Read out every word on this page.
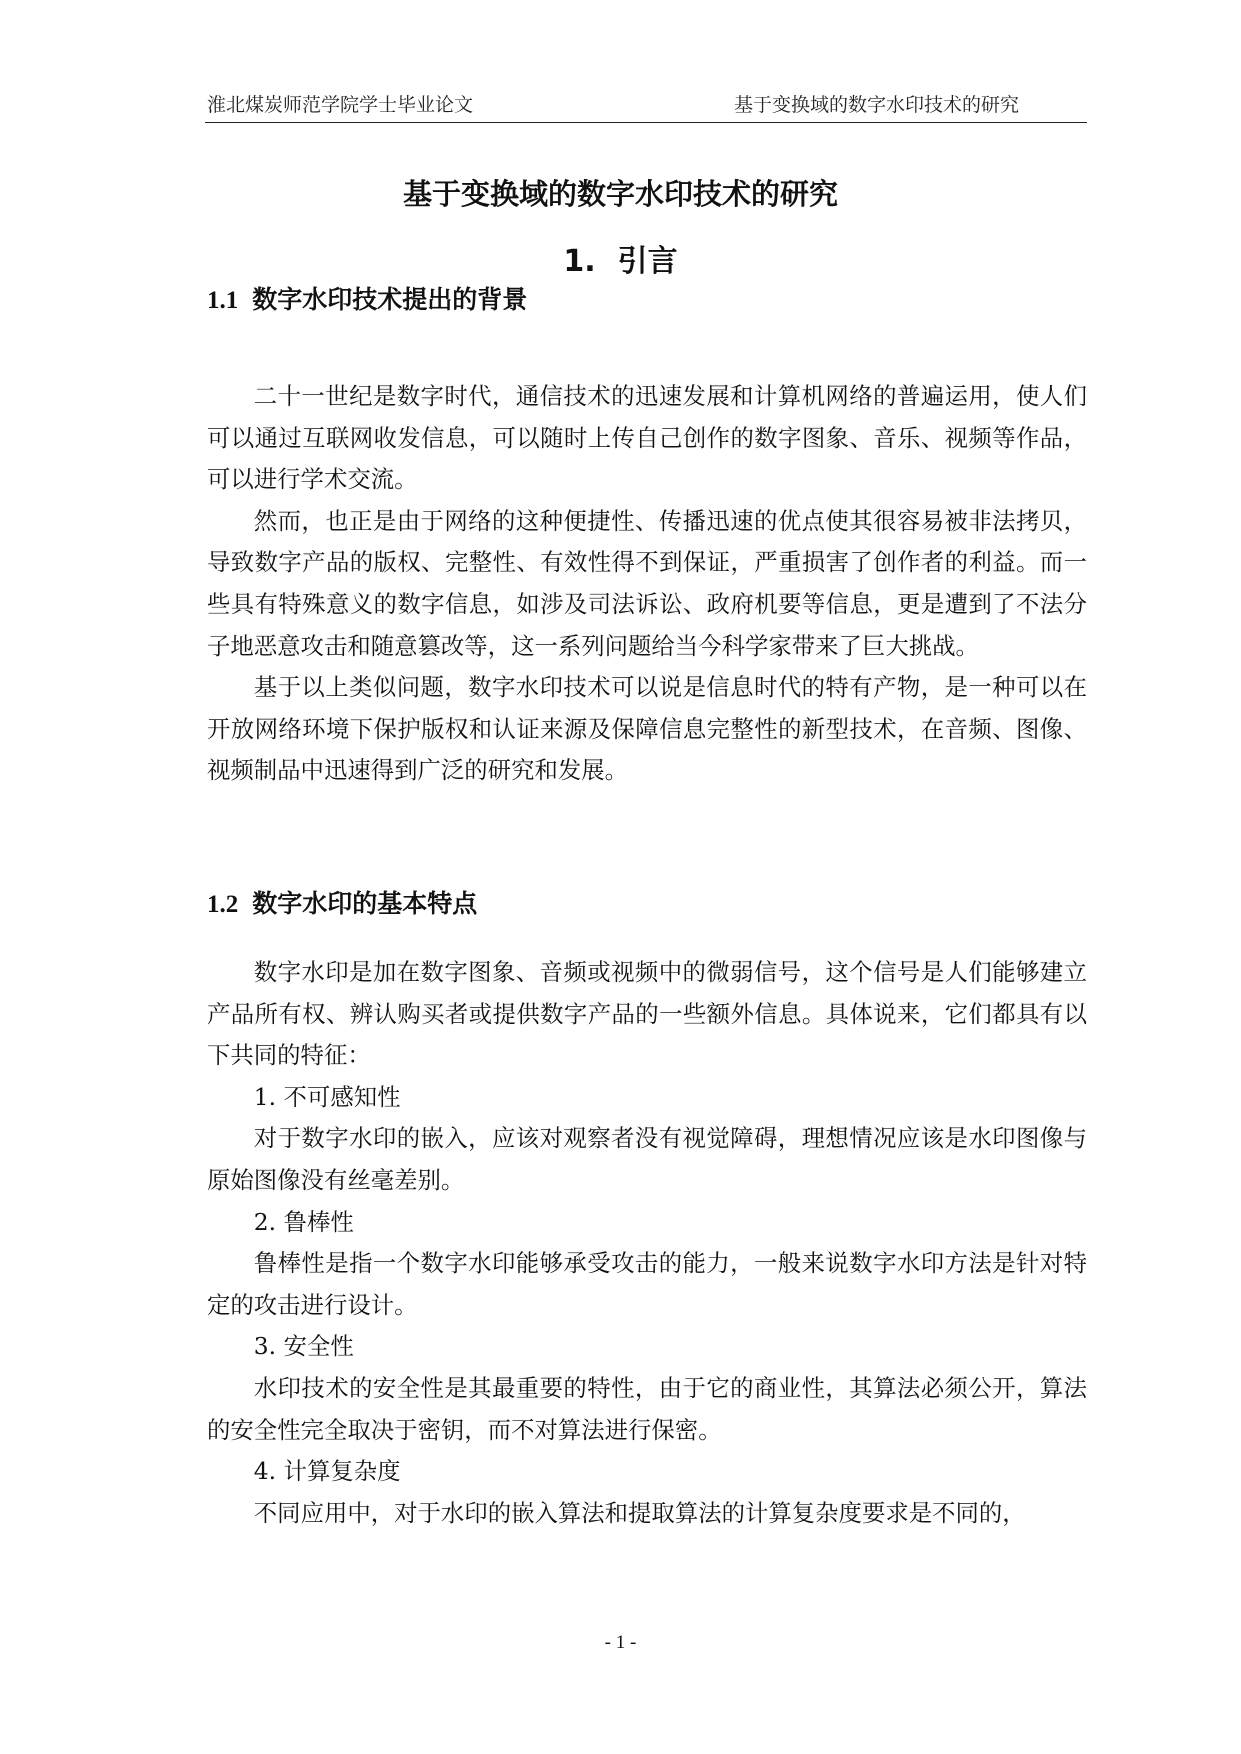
淮北煤炭师范学院学士毕业论文	基于变换域的数字水印技术的研究
基于变换域的数字水印技术的研究
1. 引言
1.1 数字水印技术提出的背景

二十一世纪是数字时代，通信技术的迅速发展和计算机网络的普遍运用，使人们可以通过互联网收发信息，可以随时上传自己创作的数字图象、音乐、视频等作品，可以进行学术交流。

然而，也正是由于网络的这种便捷性、传播迅速的优点使其很容易被非法拷贝，导致数字产品的版权、完整性、有效性得不到保证，严重损害了创作者的利益。而一些具有特殊意义的数字信息，如涉及司法诉讼、政府机要等信息，更是遭到了不法分子地恶意攻击和随意篡改等，这一系列问题给当今科学家带来了巨大挑战。

基于以上类似问题，数字水印技术可以说是信息时代的特有产物，是一种可以在开放网络环境下保护版权和认证来源及保障信息完整性的新型技术，在音频、图像、视频制品中迅速得到广泛的研究和发展。

1.2 数字水印的基本特点

数字水印是加在数字图象、音频或视频中的微弱信号，这个信号是人们能够建立产品所有权、辨认购买者或提供数字产品的一些额外信息。具体说来，它们都具有以下共同的特征：

1. 不可感知性

对于数字水印的嵌入，应该对观察者没有视觉障碍，理想情况应该是水印图像与原始图像没有丝毫差别。

2. 鲁棒性

鲁棒性是指一个数字水印能够承受攻击的能力，一般来说数字水印方法是针对特定的攻击进行设计。

3. 安全性

水印技术的安全性是其最重要的特性，由于它的商业性，其算法必须公开，算法的安全性完全取决于密钥，而不对算法进行保密。

4. 计算复杂度

不同应用中，对于水印的嵌入算法和提取算法的计算复杂度要求是不同的，

- 1 -
